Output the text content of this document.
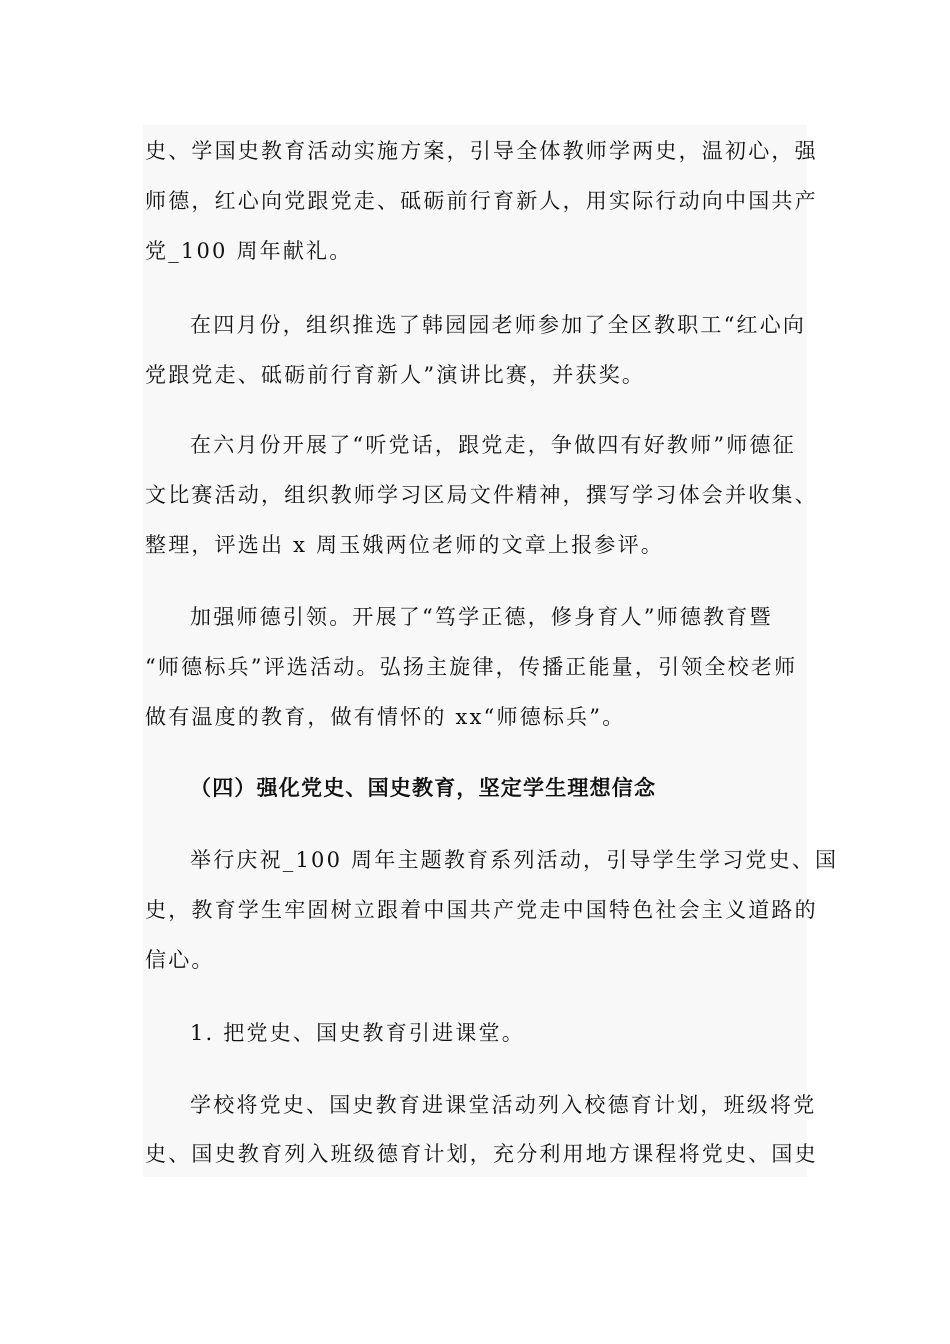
史、学国史教育活动实施方案，引导全体教师学两史，温初心，强
师德，红心向党跟党走、砥砺前行育新人，用实际行动向中国共产
党_100 周年献礼。
在四月份，组织推选了韩园园老师参加了全区教职工“红心向
党跟党走、砥砺前行育新人”演讲比赛，并获奖。
在六月份开展了“听党话，跟党走，争做四有好教师”师德征
文比赛活动，组织教师学习区局文件精神，撰写学习体会并收集、
整理，评选出 x 周玉娥两位老师的文章上报参评。
加强师德引领。开展了“笃学正德，修身育人”师德教育暨
“师德标兵”评选活动。弘扬主旋律，传播正能量，引领全校老师
做有温度的教育，做有情怀的 xx“师德标兵”。
（四）强化党史、国史教育，坚定学生理想信念
举行庆祝_100 周年主题教育系列活动，引导学生学习党史、国
史，教育学生牢固树立跟着中国共产党走中国特色社会主义道路的
信心。
1. 把党史、国史教育引进课堂。
学校将党史、国史教育进课堂活动列入校德育计划，班级将党
史、国史教育列入班级德育计划，充分利用地方课程将党史、国史
